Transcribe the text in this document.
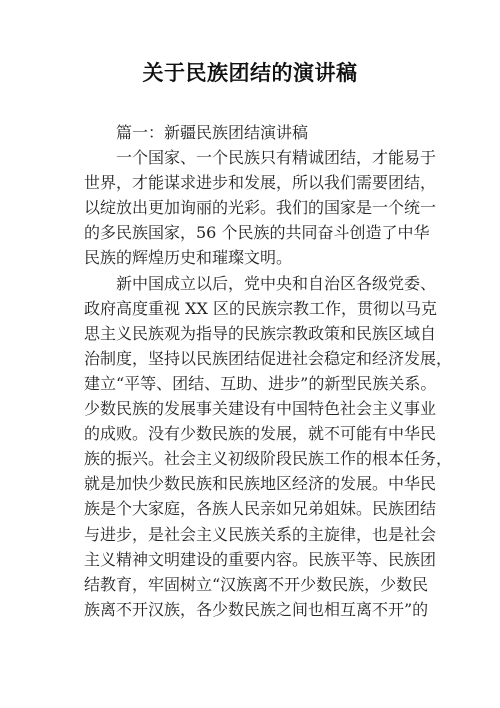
关于民族团结的演讲稿
篇一：新疆民族团结演讲稿
一个国家、一个民族只有精诚团结，才能易于
世界，才能谋求进步和发展，所以我们需要团结，
以绽放出更加询丽的光彩。我们的国家是一个统一
的多民族国家，56 个民族的共同奋斗创造了中华
民族的辉煌历史和璀璨文明。
新中国成立以后，党中央和自治区各级党委、
政府高度重视 XX 区的民族宗教工作，贯彻以马克
思主义民族观为指导的民族宗教政策和民族区域自
治制度，坚持以民族团结促进社会稳定和经济发展，
建立“平等、团结、互助、进步”的新型民族关系。
少数民族的发展事关建设有中国特色社会主义事业
的成败。没有少数民族的发展，就不可能有中华民
族的振兴。社会主义初级阶段民族工作的根本任务，
就是加快少数民族和民族地区经济的发展。中华民
族是个大家庭，各族人民亲如兄弟姐妹。民族团结
与进步，是社会主义民族关系的主旋律，也是社会
主义精神文明建设的重要内容。民族平等、民族团
结教育，牢固树立“汉族离不开少数民族，少数民
族离不开汉族，各少数民族之间也相互离不开”的
